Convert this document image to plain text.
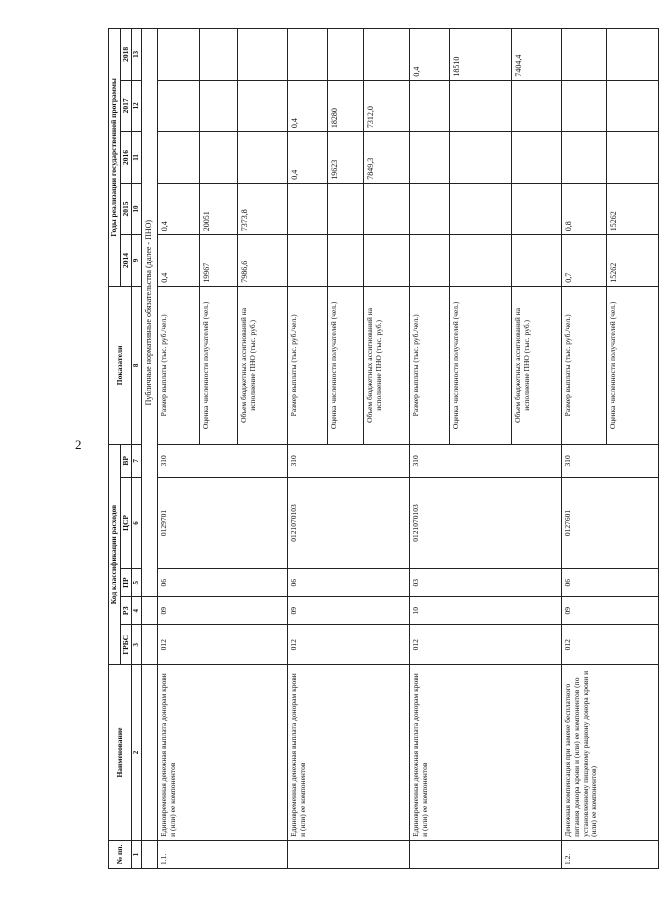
2
№ пп.	Наименование	Код классификации расходов					Показатели	Годы реализации государственной программы				
		ГРБС	РЗ	ПР	ЦСР	ВР		2014	2015	2016	2017	2018
1	2	3	4	5	6	7	8	9	10	11	12	13
				Публичные нормативные обязательства (далее - ПНО)								
1.1.	Единовременная денежная выплата донорам крови и (или) ее компонентов	012	09	06	0129701	310	Размер выплаты (тыс. руб./чел.)	0,4	0,4			
							Оценка численности получателей (чел.)	19967	20051			
							Объем бюджетных ассигнований на исполнение ПНО (тыс. руб.)	7986,6	7373,8			
	Единовременная денежная выплата донорам крови и (или) ее компонентов	012	09	06	0121070103	310	Размер выплаты (тыс. руб./чел.)			0,4	0,4	
							Оценка численности получателей (чел.)			19623	18280	
							Объем бюджетных ассигнований на исполнение ПНО (тыс. руб.)			7849,3	7312,0	
	Единовременная денежная выплата донорам крови и (или) ее компонентов	012	10	03	0121070103	310	Размер выплаты (тыс. руб./чел.)					0,4
							Оценка численности получателей (чел.)					18510
							Объем бюджетных ассигнований на исполнение ПНО (тыс. руб.)					7404,4
1.2.	Денежная компенсация при замене бесплатного питания донора крови и (или) ее компонентов (по установленному пищевому рациону донора крови и (или) ее компонентов)	012	09	06	0127601	310	Размер выплаты (тыс. руб./чел.)	0,7	0,8			
							Оценка численности получателей (чел.)	15262	15262			
